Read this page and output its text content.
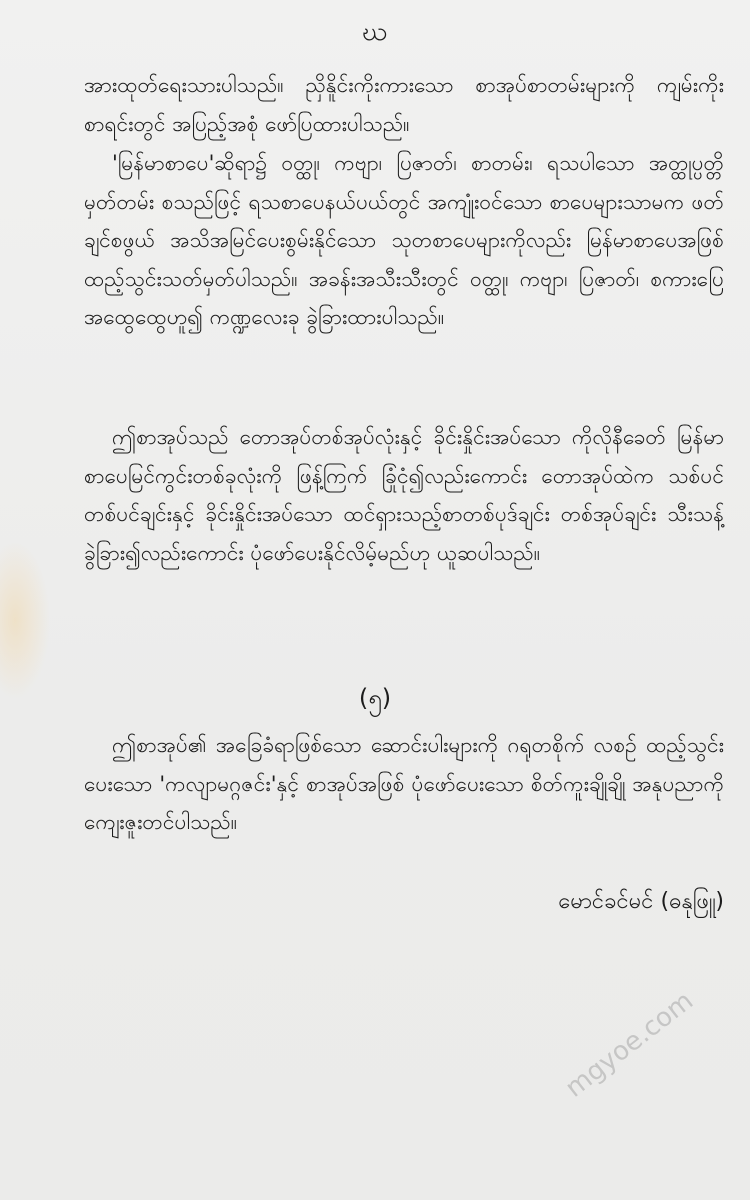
ဃ

အားထုတ်ရေးသားပါသည်။ ညှိနိူင်းကိုးကားသော စာအုပ်စာတမ်းများကို ကျမ်းကိုးစာရင်းတွင် အပြည့်အစုံ ဖော်ပြထားပါသည်။

'မြန်မာစာပေ'ဆိုရာ၌ ဝတ္ထု၊ ကဗျာ၊ ပြဇာတ်၊ စာတမ်း၊ ရသပါသော အတ္ထုပ္ပတ္တိမှတ်တမ်း စသည်ဖြင့် ရသစာပေနယ်ပယ်တွင် အကျုံးဝင်သော စာပေများသာမက ဖတ်ချင်စဖွယ် အသိအမြင်ပေးစွမ်းနိုင်သော သုတစာပေများကိုလည်း မြန်မာစာပေအဖြစ် ထည့်သွင်းသတ်မှတ်ပါသည်။ အခန်းအသီးသီးတွင် ဝတ္ထု၊ ကဗျာ၊ ပြဇာတ်၊ စကားပြေအထွေထွေဟူ၍ ကဏ္ဍလေးခု ခွဲခြားထားပါသည်။

ဤစာအုပ်သည် တောအုပ်တစ်အုပ်လုံးနှင့် ခိုင်းနှိုင်းအပ်သော ကိုလိုနီခေတ် မြန်မာစာပေမြင်ကွင်းတစ်ခုလုံးကို ဖြန့်ကြက် ခြုံငုံ၍လည်းကောင်း တောအုပ်ထဲက သစ်ပင်တစ်ပင်ချင်းနှင့် ခိုင်းနှိုင်းအပ်သော ထင်ရှားသည့်စာတစ်ပုဒ်ချင်း တစ်အုပ်ချင်း သီးသန့်ခွဲခြား၍လည်းကောင်း ပုံဖော်ပေးနိုင်လိမ့်မည်ဟု ယူဆပါသည်။

(၅)

ဤစာအုပ်၏ အခြေခံရာဖြစ်သော ဆောင်းပါးများကို ဂရုတစိုက် လစဉ် ထည့်သွင်းပေးသော 'ကလျာမဂ္ဂဇင်း'နှင့် စာအုပ်အဖြစ် ပုံဖော်ပေးသော စိတ်ကူးချိုချို အနုပညာကို ကျေးဇူးတင်ပါသည်။

မောင်ခင်မင် (ဓနုဖြူ)
mgyoe.com
